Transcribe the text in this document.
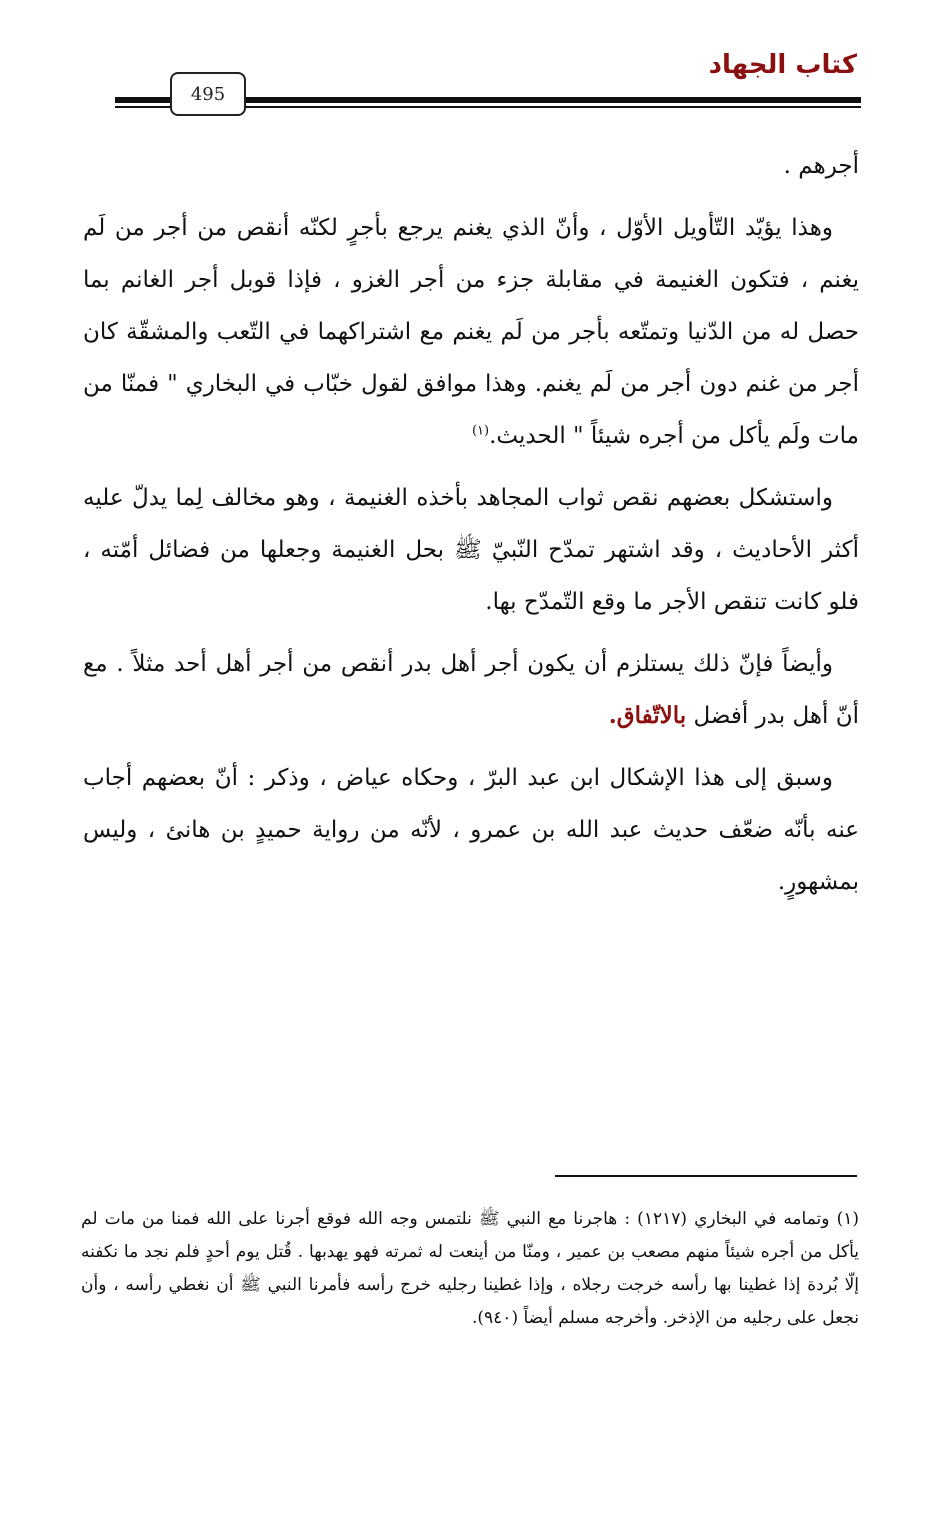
كتاب الجهاد
495

أجرهم .

وهذا يؤيّد التّأويل الأوّل ، وأنّ الذي يغنم يرجع بأجرٍ لكنّه أنقص من أجر من لَم يغنم ، فتكون الغنيمة في مقابلة جزء من أجر الغزو ، فإذا قوبل أجر الغانم بما حصل له من الدّنيا وتمتّعه بأجر من لَم يغنم مع اشتراكهما في التّعب والمشقّة كان أجر من غنم دون أجر من لَم يغنم. وهذا موافق لقول خبّاب في البخاري " فمنّا من مات ولَم يأكل من أجره شيئاً " الحديث.$^{(١)}$

واستشكل بعضهم نقص ثواب المجاهد بأخذه الغنيمة ، وهو مخالف لِما يدلّ عليه أكثر الأحاديث ، وقد اشتهر تمدّح النّبيّ ﷺ بحل الغنيمة وجعلها من فضائل أمّته ، فلو كانت تنقص الأجر ما وقع التّمدّح بها.

وأيضاً فإنّ ذلك يستلزم أن يكون أجر أهل بدر أنقص من أجر أهل أحد مثلاً . مع أنّ أهل بدر أفضل بالاتّفاق.

وسبق إلى هذا الإشكال ابن عبد البرّ ، وحكاه عياض ، وذكر : أنّ بعضهم أجاب عنه بأنّه ضعّف حديث عبد الله بن عمرو ، لأنّه من رواية حميدٍ بن هانئ ، وليس بمشهورٍ.

(١) وتمامه في البخاري (١٢١٧) : هاجرنا مع النبي ﷺ نلتمس وجه الله فوقع أجرنا على الله فمنا من مات لم يأكل من أجره شيئاً منهم مصعب بن عمير ، ومنّا من أينعت له ثمرته فهو يهدبها . قُتل يوم أحدٍ فلم نجد ما نكفنه إلّا بُردة إذا غطينا بها رأسه خرجت رجلاه ، وإذا غطينا رجليه خرج رأسه فأمرنا النبي ﷺ أن نغطي رأسه ، وأن نجعل على رجليه من الإذخر. وأخرجه مسلم أيضاً (٩٤٠).
